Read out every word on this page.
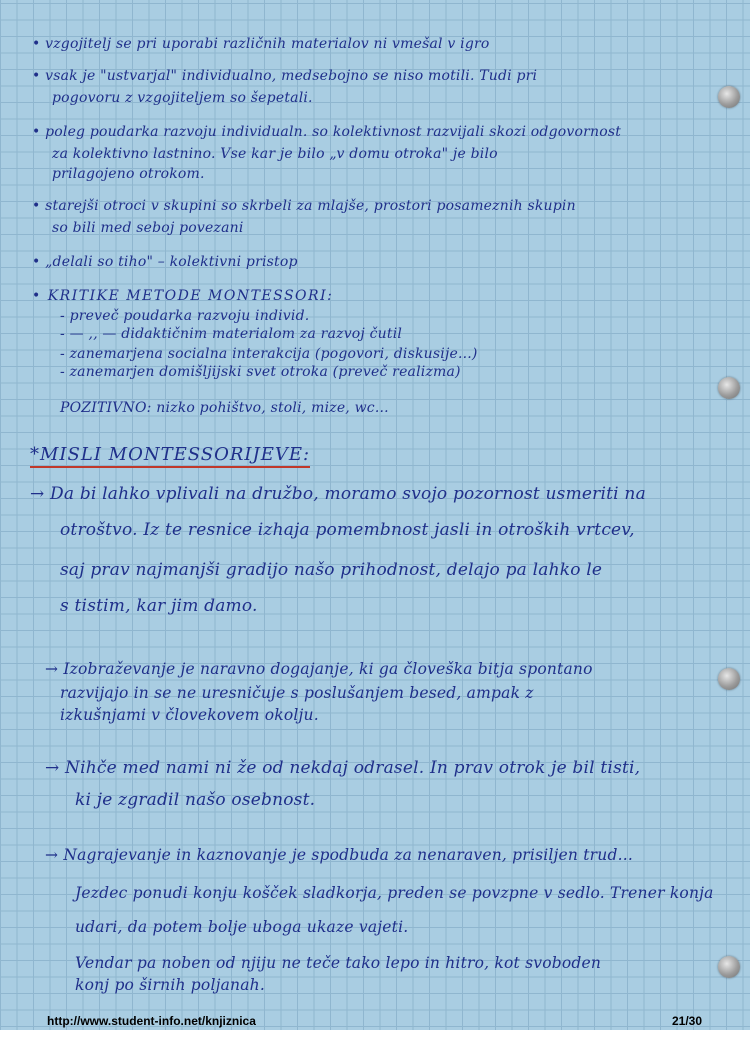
• vzgojitelj se pri uporabi različnih materialov ni vmešal v igro
• vsak je "ustvarjal" individualno, medsebojno se niso motili. Tudi pri
pogovoru z vzgojiteljem so šepetali.
• poleg poudarka razvoju individualn. so kolektivnost razvijali skozi odgovornost
za kolektivno lastnino. Vse kar je bilo „v domu otroka" je bilo
prilagojeno otrokom.
• starejši otroci v skupini so skrbeli za mlajše, prostori posameznih skupin
so bili med seboj povezani
• „delali so tiho" – kolektivni pristop
• KRITIKE METODE MONTESSORI:
- preveč poudarka razvoju individ.
- — ‚‚ — didaktičnim materialom za razvoj čutil
- zanemarjena socialna interakcija (pogovori, diskusije...)
- zanemarjen domišljijski svet otroka (preveč realizma)
POZITIVNO: nizko pohištvo, stoli, mize, wc...
*MISLI MONTESSORIJEVE:
→ Da bi lahko vplivali na družbo, moramo svojo pozornost usmeriti na
otroštvo. Iz te resnice izhaja pomembnost jasli in otroških vrtcev,
saj prav najmanjši gradijo našo prihodnost, delajo pa lahko le
s tistim, kar jim damo.
→ Izobraževanje je naravno dogajanje, ki ga človeška bitja spontano
razvijajo in se ne uresničuje s poslušanjem besed, ampak z
izkušnjami v človekovem okolju.
→ Nihče med nami ni že od nekdaj odrasel. In prav otrok je bil tisti,
ki je zgradil našo osebnost.
→ Nagrajevanje in kaznovanje je spodbuda za nenaraven, prisiljen trud...
Jezdec ponudi konju košček sladkorja, preden se povzpne v sedlo. Trener konja
udari, da potem bolje ubogа ukaze vajeti.
Vendar pa noben od njiju ne teče tako lepo in hitro, kot svoboden
konj po širnih poljanah.
http://www.student-info.net/knjiznica	21/30
